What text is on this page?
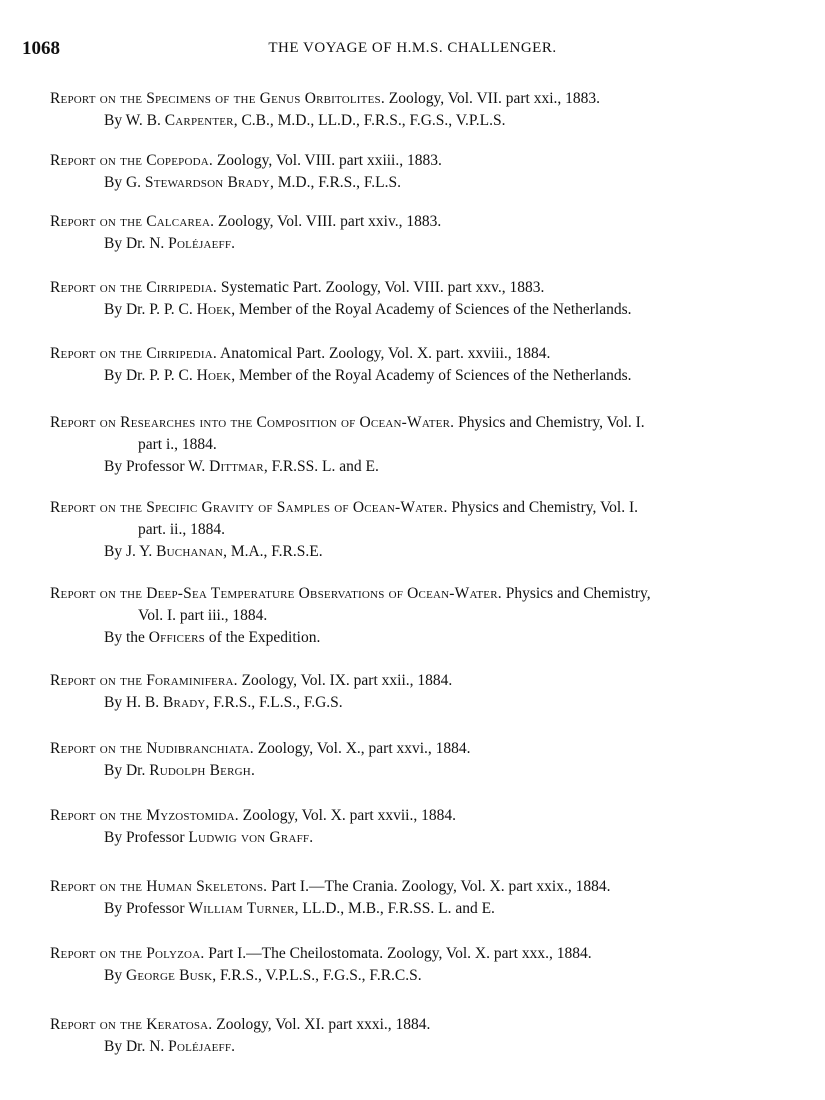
1068	THE VOYAGE OF H.M.S. CHALLENGER.
Report on the Specimens of the Genus Orbitolites. Zoology, Vol. VII. part xxi., 1883.
By W. B. Carpenter, C.B., M.D., LL.D., F.R.S., F.G.S., V.P.L.S.
Report on the Copepoda. Zoology, Vol. VIII. part xxiii., 1883.
By G. Stewardson Brady, M.D., F.R.S., F.L.S.
Report on the Calcarea. Zoology, Vol. VIII. part xxiv., 1883.
By Dr. N. Poléjaeff.
Report on the Cirripedia. Systematic Part. Zoology, Vol. VIII. part xxv., 1883.
By Dr. P. P. C. Hoek, Member of the Royal Academy of Sciences of the Netherlands.
Report on the Cirripedia. Anatomical Part. Zoology, Vol. X. part. xxviii., 1884.
By Dr. P. P. C. Hoek, Member of the Royal Academy of Sciences of the Netherlands.
Report on Researches into the Composition of Ocean-Water. Physics and Chemistry, Vol. I.
part i., 1884.
By Professor W. Dittmar, F.R.SS. L. and E.
Report on the Specific Gravity of Samples of Ocean-Water. Physics and Chemistry, Vol. I.
part. ii., 1884.
By J. Y. Buchanan, M.A., F.R.S.E.
Report on the Deep-Sea Temperature Observations of Ocean-Water. Physics and Chemistry,
Vol. I. part iii., 1884.
By the Officers of the Expedition.
Report on the Foraminifera. Zoology, Vol. IX. part xxii., 1884.
By H. B. Brady, F.R.S., F.L.S., F.G.S.
Report on the Nudibranchiata. Zoology, Vol. X., part xxvi., 1884.
By Dr. Rudolph Bergh.
Report on the Myzostomida. Zoology, Vol. X. part xxvii., 1884.
By Professor Ludwig von Graff.
Report on the Human Skeletons. Part I.—The Crania. Zoology, Vol. X. part xxix., 1884.
By Professor William Turner, LL.D., M.B., F.R.SS. L. and E.
Report on the Polyzoa. Part I.—The Cheilostomata. Zoology, Vol. X. part xxx., 1884.
By George Busk, F.R.S., V.P.L.S., F.G.S., F.R.C.S.
Report on the Keratosa. Zoology, Vol. XI. part xxxi., 1884.
By Dr. N. Poléjaeff.
